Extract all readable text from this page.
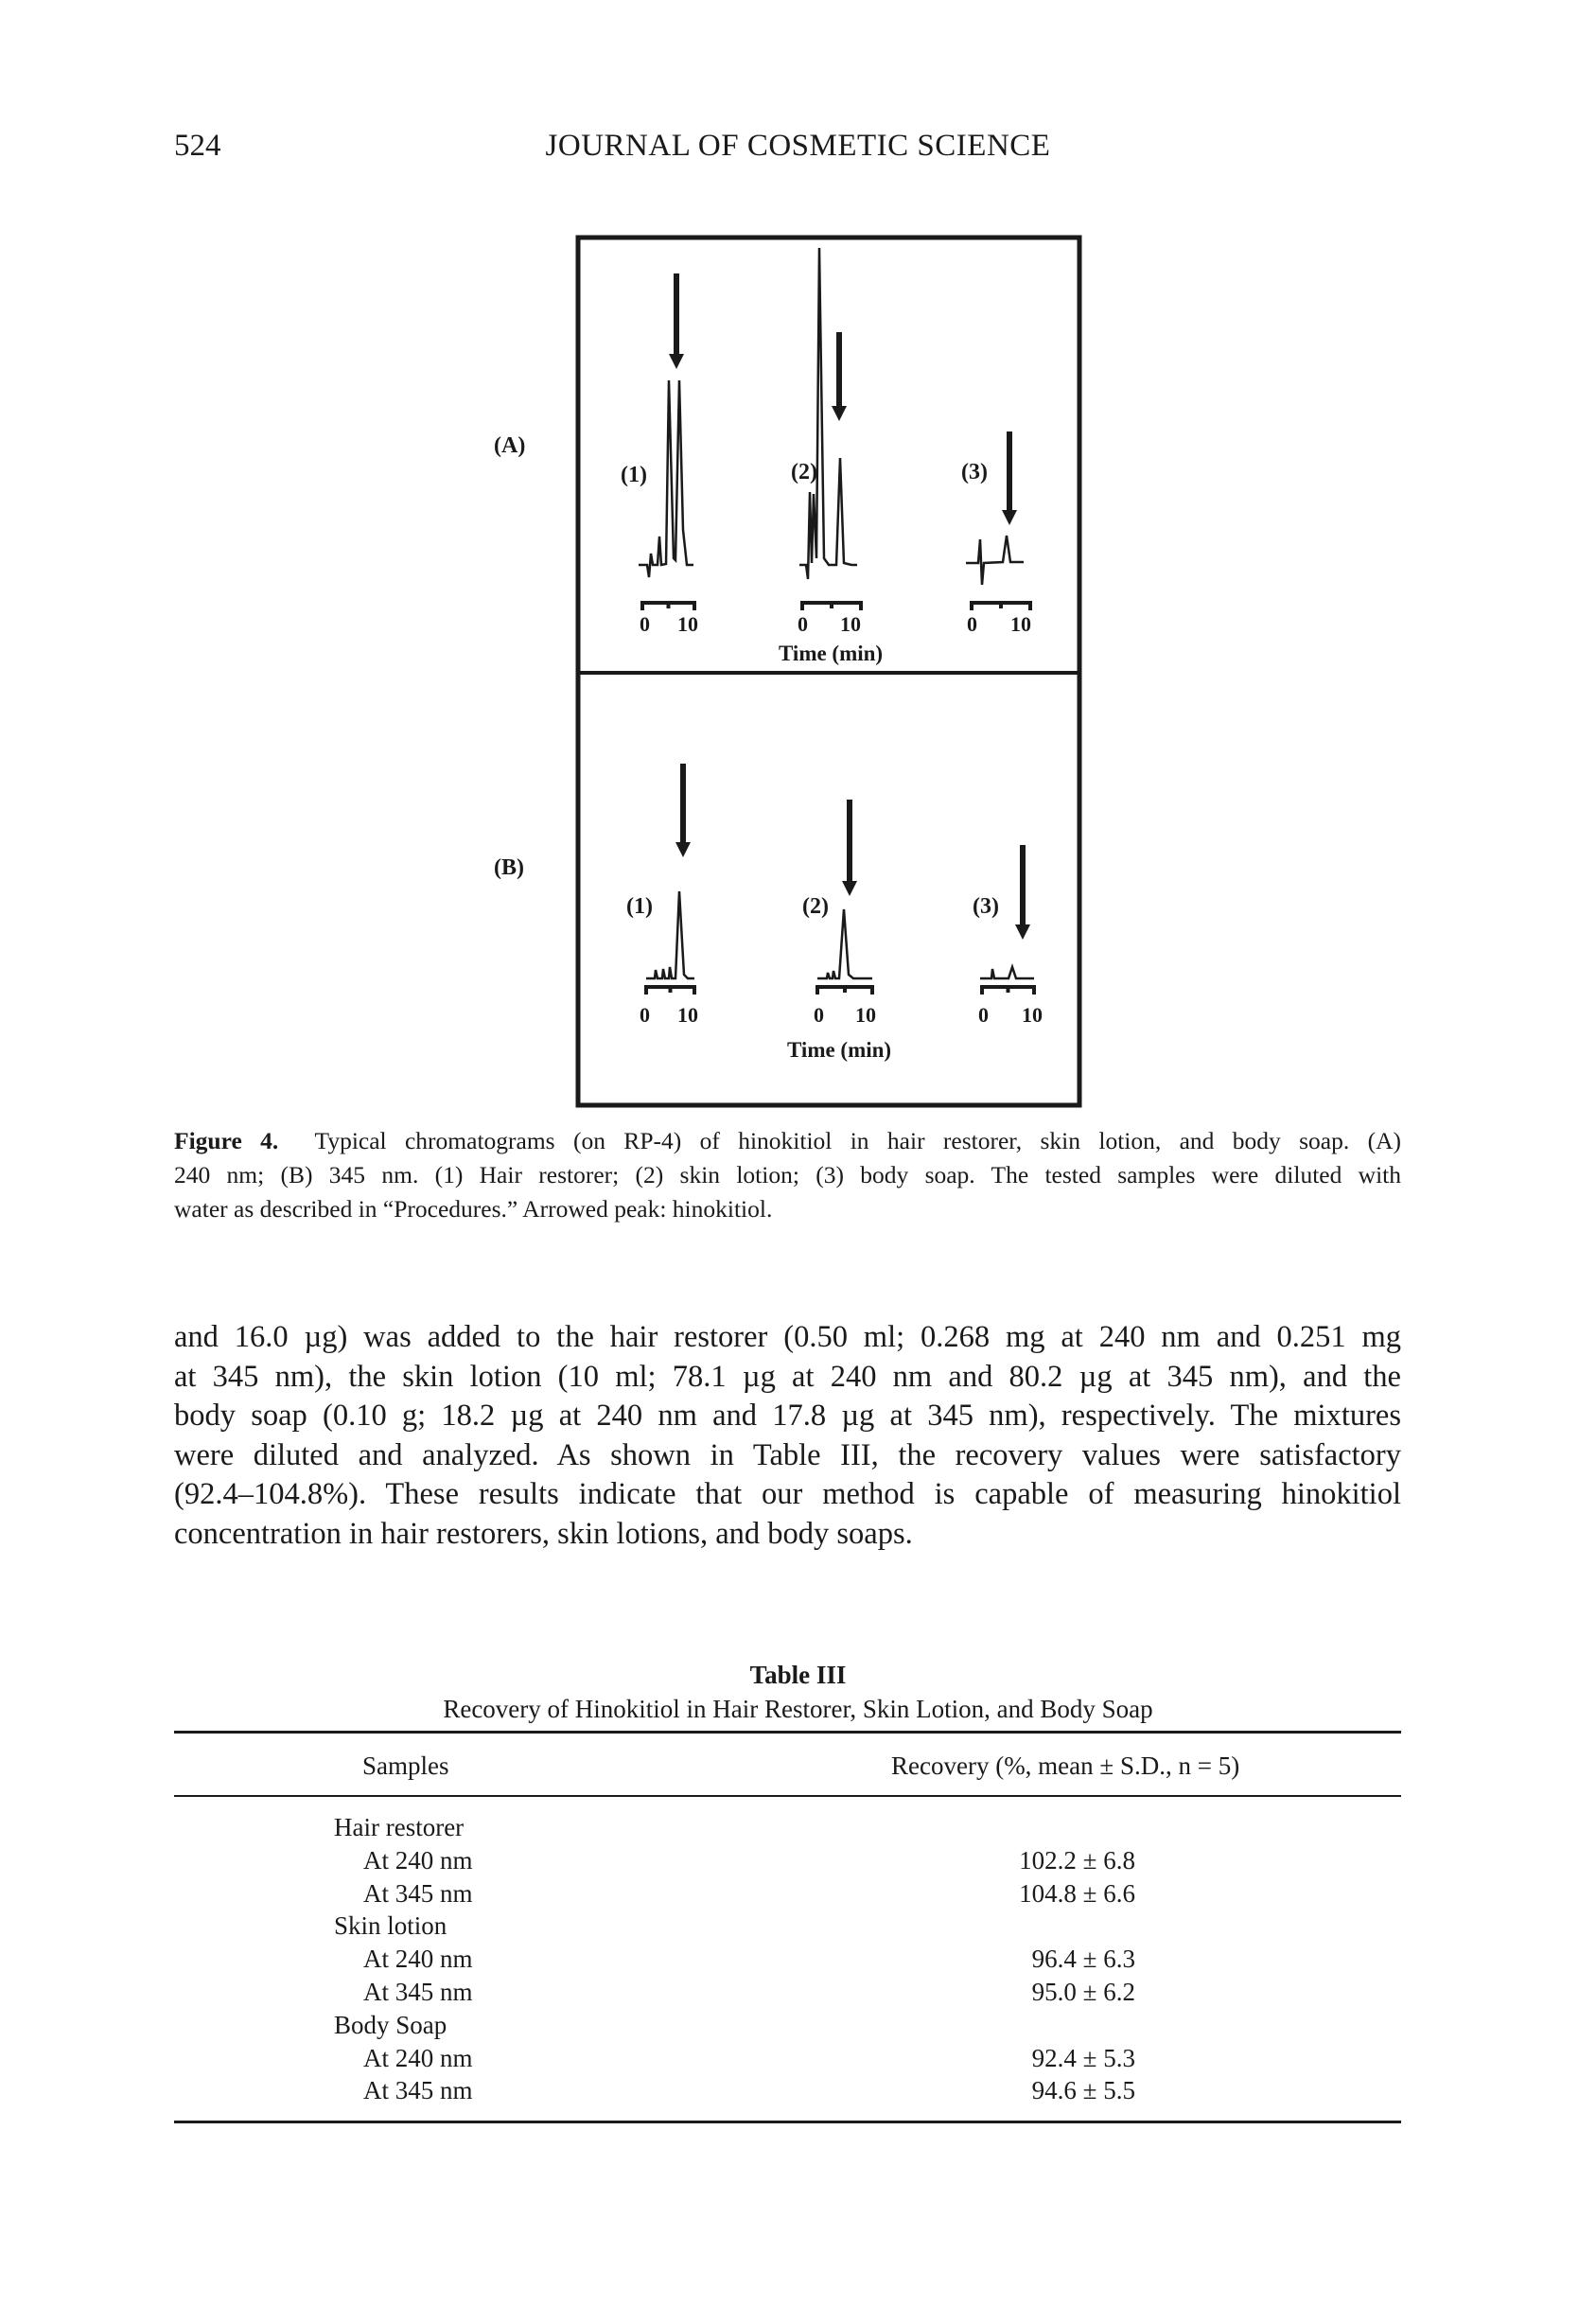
524	JOURNAL OF COSMETIC SCIENCE
(A)
(B)
(1)	(2)	(3)
(1)	(2)	(3)
0 10	0 10	0 10
0 10	0 10	0 10
Time (min)
Time (min)
Figure 4. Typical chromatograms (on RP-4) of hinokitiol in hair restorer, skin lotion, and body soap. (A)
240 nm; (B) 345 nm. (1) Hair restorer; (2) skin lotion; (3) body soap. The tested samples were diluted with
water as described in “Procedures.” Arrowed peak: hinokitiol.
and 16.0 µg) was added to the hair restorer (0.50 ml; 0.268 mg at 240 nm and 0.251 mg
at 345 nm), the skin lotion (10 ml; 78.1 µg at 240 nm and 80.2 µg at 345 nm), and the
body soap (0.10 g; 18.2 µg at 240 nm and 17.8 µg at 345 nm), respectively. The mixtures
were diluted and analyzed. As shown in Table III, the recovery values were satisfactory
(92.4–104.8%). These results indicate that our method is capable of measuring hinokitiol
concentration in hair restorers, skin lotions, and body soaps.
Table III
Recovery of Hinokitiol in Hair Restorer, Skin Lotion, and Body Soap
Samples	Recovery (%, mean ± S.D., n = 5)
Hair restorer
At 240 nm	102.2 ± 6.8
At 345 nm	104.8 ± 6.6
Skin lotion
At 240 nm	96.4 ± 6.3
At 345 nm	95.0 ± 6.2
Body Soap
At 240 nm	92.4 ± 5.3
At 345 nm	94.6 ± 5.5
